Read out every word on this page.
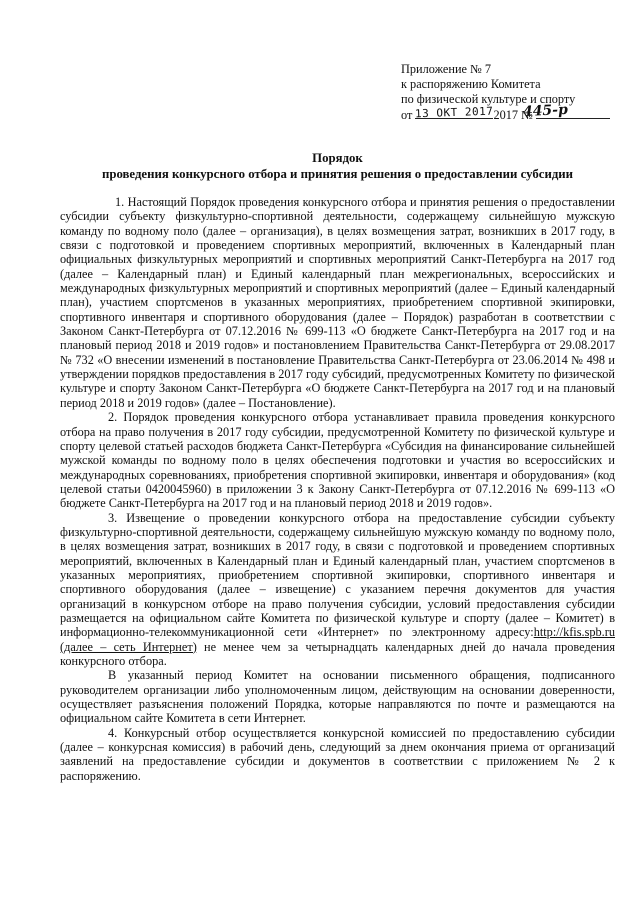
Приложение № 7
к распоряжению Комитета
по физической культуре и спорту
от	2017 №
13 ОКТ 2017 445-р
Порядок
проведения конкурсного отбора и принятия решения о предоставлении субсидии

1. Настоящий Порядок проведения конкурсного отбора и принятия решения о предоставлении субсидии субъекту физкультурно-спортивной деятельности, содержащему сильнейшую мужскую команду по водному поло (далее – организация), в целях возмещения затрат, возникших в 2017 году, в связи с подготовкой и проведением спортивных мероприятий, включенных в Календарный план официальных физкультурных мероприятий и спортивных мероприятий Санкт-Петербурга на 2017 год (далее – Календарный план) и Единый календарный план межрегиональных, всероссийских и международных физкультурных мероприятий и спортивных мероприятий (далее – Единый календарный план), участием спортсменов в указанных мероприятиях, приобретением спортивной экипировки, спортивного инвентаря и спортивного оборудования (далее – Порядок) разработан в соответствии с Законом Санкт-Петербурга от 07.12.2016 № 699-113 «О бюджете Санкт-Петербурга на 2017 год и на плановый период 2018 и 2019 годов» и постановлением Правительства Санкт-Петербурга от 29.08.2017 № 732 «О внесении изменений в постановление Правительства Санкт-Петербурга от 23.06.2014 № 498 и утверждении порядков предоставления в 2017 году субсидий, предусмотренных Комитету по физической культуре и спорту Законом Санкт-Петербурга «О бюджете Санкт-Петербурга на 2017 год и на плановый период 2018 и 2019 годов» (далее – Постановление).

2. Порядок проведения конкурсного отбора устанавливает правила проведения конкурсного отбора на право получения в 2017 году субсидии, предусмотренной Комитету по физической культуре и спорту целевой статьей расходов бюджета Санкт-Петербурга «Субсидия на финансирование сильнейшей мужской команды по водному поло в целях обеспечения подготовки и участия во всероссийских и международных соревнованиях, приобретения спортивной экипировки, инвентаря и оборудования» (код целевой статьи 0420045960) в приложении 3 к Закону Санкт-Петербурга от 07.12.2016 № 699-113 «О бюджете Санкт-Петербурга на 2017 год и на плановый период 2018 и 2019 годов».

3. Извещение о проведении конкурсного отбора на предоставление субсидии субъекту физкультурно-спортивной деятельности, содержащему сильнейшую мужскую команду по водному поло, в целях возмещения затрат, возникших в 2017 году, в связи с подготовкой и проведением спортивных мероприятий, включенных в Календарный план и Единый календарный план, участием спортсменов в указанных мероприятиях, приобретением спортивной экипировки, спортивного инвентаря и спортивного оборудования (далее – извещение) с указанием перечня документов для участия организаций в конкурсном отборе на право получения субсидии, условий предоставления субсидии размещается на официальном сайте Комитета по физической культуре и спорту (далее – Комитет) в информационно-телекоммуникационной сети «Интернет» по электронному адресу:http://kfis.spb.ru (далее – сеть Интернет) не менее чем за четырнадцать календарных дней до начала проведения конкурсного отбора.

В указанный период Комитет на основании письменного обращения, подписанного руководителем организации либо уполномоченным лицом, действующим на основании доверенности, осуществляет разъяснения положений Порядка, которые направляются по почте и размещаются на официальном сайте Комитета в сети Интернет.

4. Конкурсный отбор осуществляется конкурсной комиссией по предоставлению субсидии (далее – конкурсная комиссия) в рабочий день, следующий за днем окончания приема от организаций заявлений на предоставление субсидии и документов в соответствии с приложением № 2 к распоряжению.
